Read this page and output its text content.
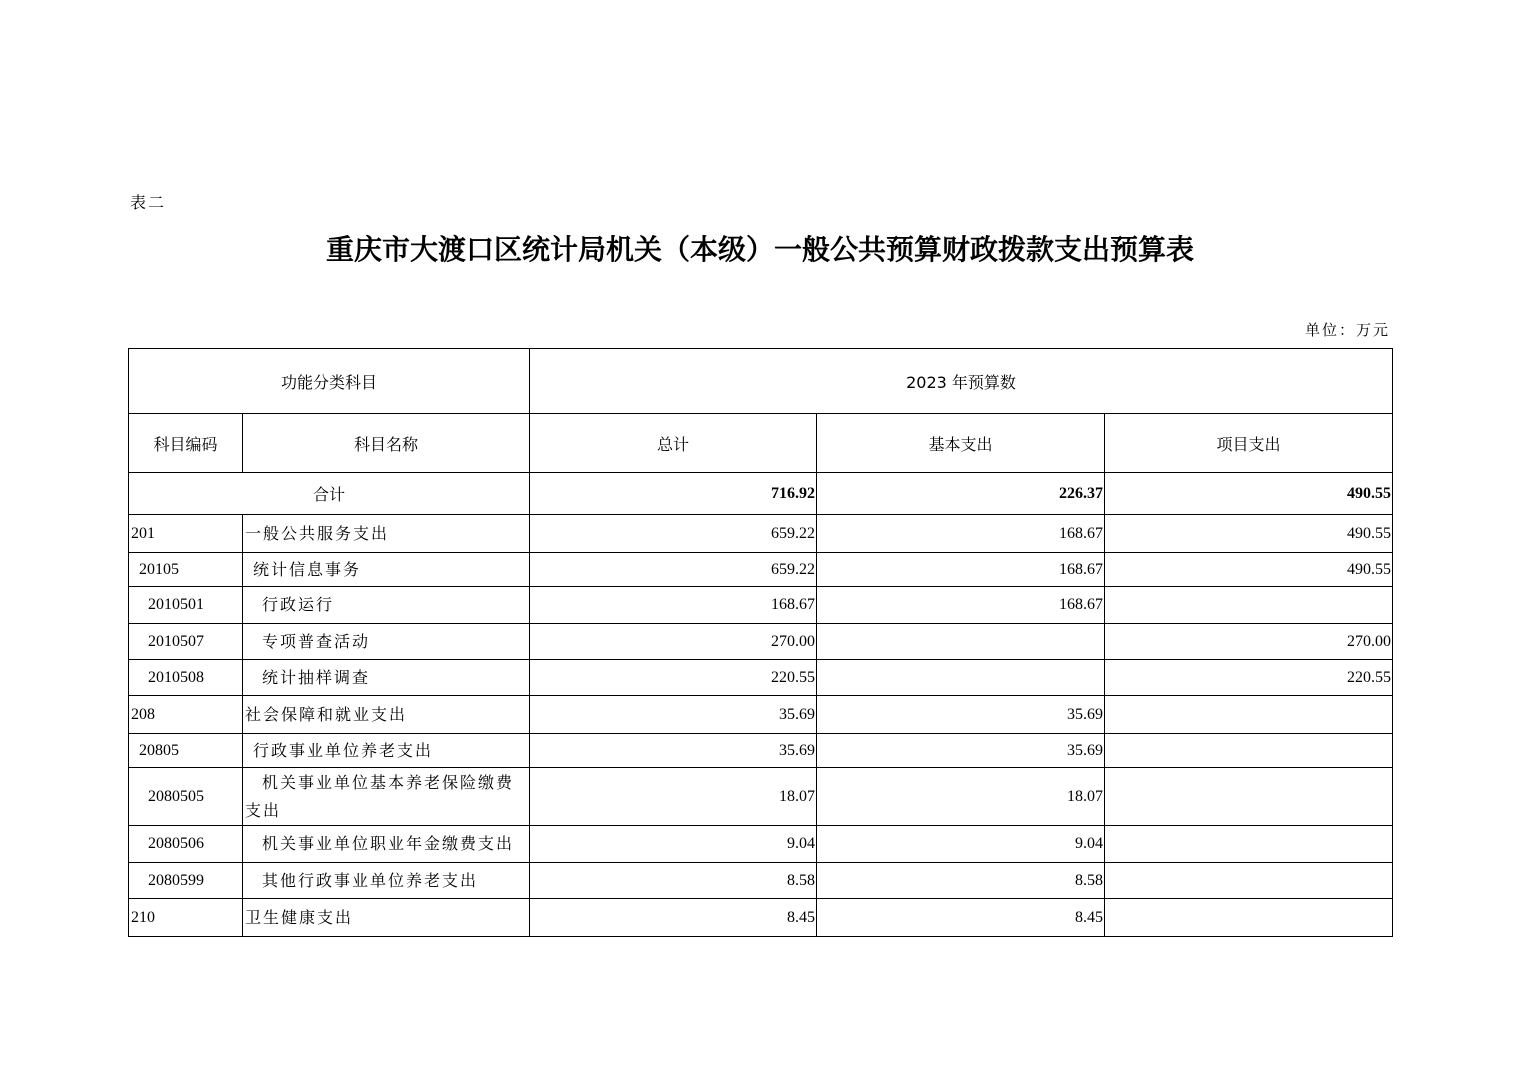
表二
重庆市大渡口区统计局机关（本级）一般公共预算财政拨款支出预算表
单位：万元
功能分类科目		2023 年预算数		
科目编码	科目名称	总计	基本支出	项目支出
合计		716.92	226.37	490.55
201	一般公共服务支出	659.22	168.67	490.55
20105	统计信息事务	659.22	168.67	490.55
2010501	行政运行	168.67	168.67	
2010507	专项普查活动	270.00		270.00
2010508	统计抽样调查	220.55		220.55
208	社会保障和就业支出	35.69	35.69	
20805	行政事业单位养老支出	35.69	35.69	
2080505	机关事业单位基本养老保险缴费支出	18.07	18.07	
2080506	机关事业单位职业年金缴费支出	9.04	9.04	
2080599	其他行政事业单位养老支出	8.58	8.58	
210	卫生健康支出	8.45	8.45	
